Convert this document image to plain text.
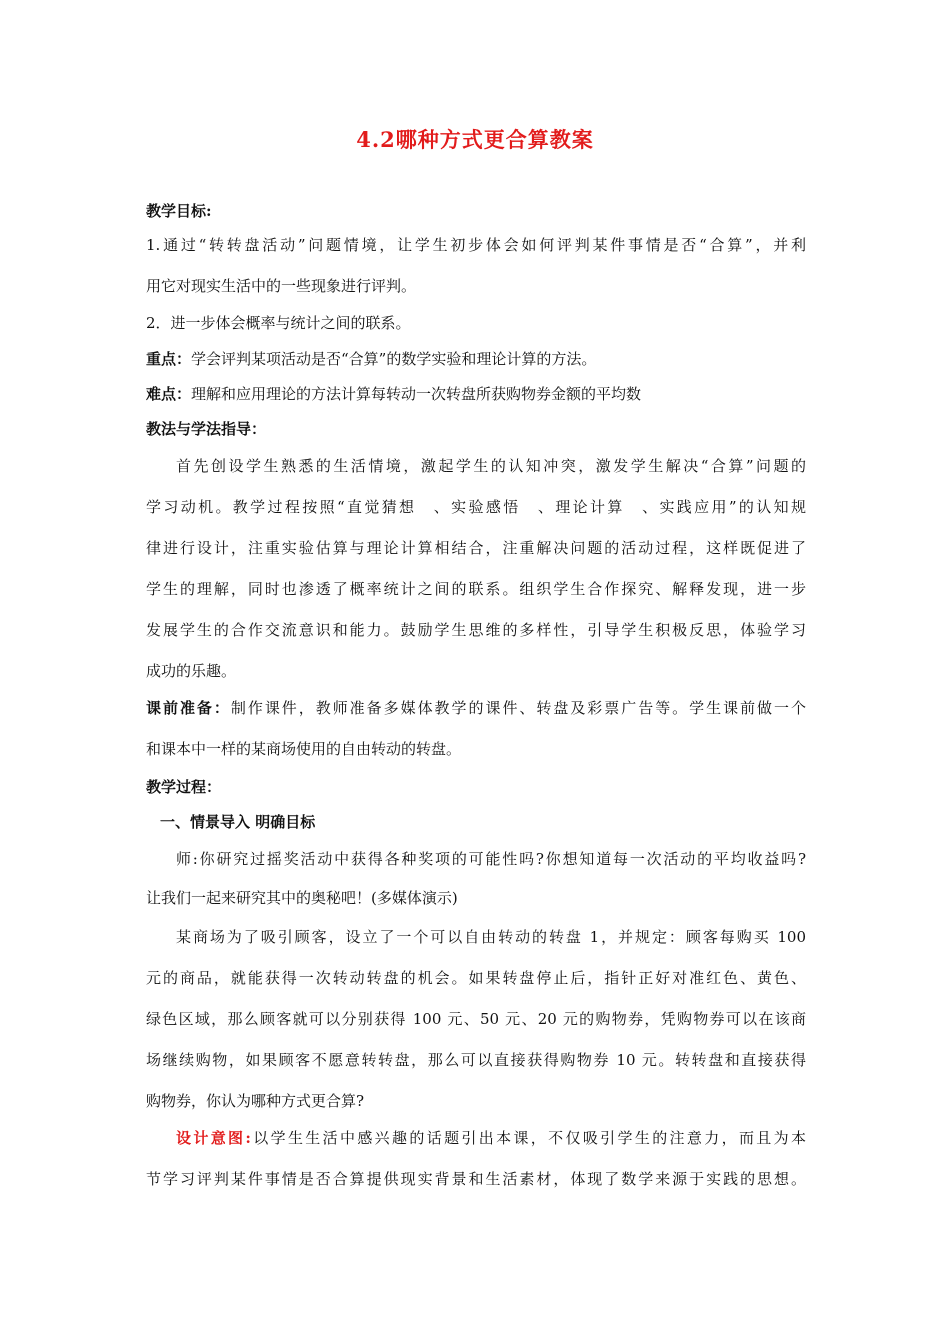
4.2哪种方式更合算教案
教学目标:
1.通过“转转盘活动”问题情境，让学生初步体会如何评判某件事情是否“合算”，并利
用它对现实生活中的一些现象进行评判。
2．进一步体会概率与统计之间的联系。
重点：学会评判某项活动是否“合算”的数学实验和理论计算的方法。
难点：理解和应用理论的方法计算每转动一次转盘所获购物券金额的平均数
教法与学法指导：
首先创设学生熟悉的生活情境，激起学生的认知冲突，激发学生解决“合算”问题的
学习动机。教学过程按照“直觉猜想　、实验感悟　、理论计算　、实践应用”的认知规
律进行设计，注重实验估算与理论计算相结合，注重解决问题的活动过程，这样既促进了
学生的理解，同时也渗透了概率统计之间的联系。组织学生合作探究、解释发现，进一步
发展学生的合作交流意识和能力。鼓励学生思维的多样性，引导学生积极反思，体验学习
成功的乐趣。
课前准备：制作课件，教师准备多媒体教学的课件、转盘及彩票广告等。学生课前做一个
和课本中一样的某商场使用的自由转动的转盘。
教学过程：
一、情景导入 明确目标
师:你研究过摇奖活动中获得各种奖项的可能性吗?你想知道每一次活动的平均收益吗?
让我们一起来研究其中的奥秘吧！(多媒体演示)
某商场为了吸引顾客，设立了一个可以自由转动的转盘 1，并规定：顾客每购买 100
元的商品，就能获得一次转动转盘的机会。如果转盘停止后，指针正好对准红色、黄色、
绿色区域，那么顾客就可以分别获得 100 元、50 元、20 元的购物券，凭购物券可以在该商
场继续购物，如果顾客不愿意转转盘，那么可以直接获得购物券 10 元。转转盘和直接获得
购物券，你认为哪种方式更合算?
设计意图:以学生生活中感兴趣的话题引出本课，不仅吸引学生的注意力，而且为本
节学习评判某件事情是否合算提供现实背景和生活素材，体现了数学来源于实践的思想。
